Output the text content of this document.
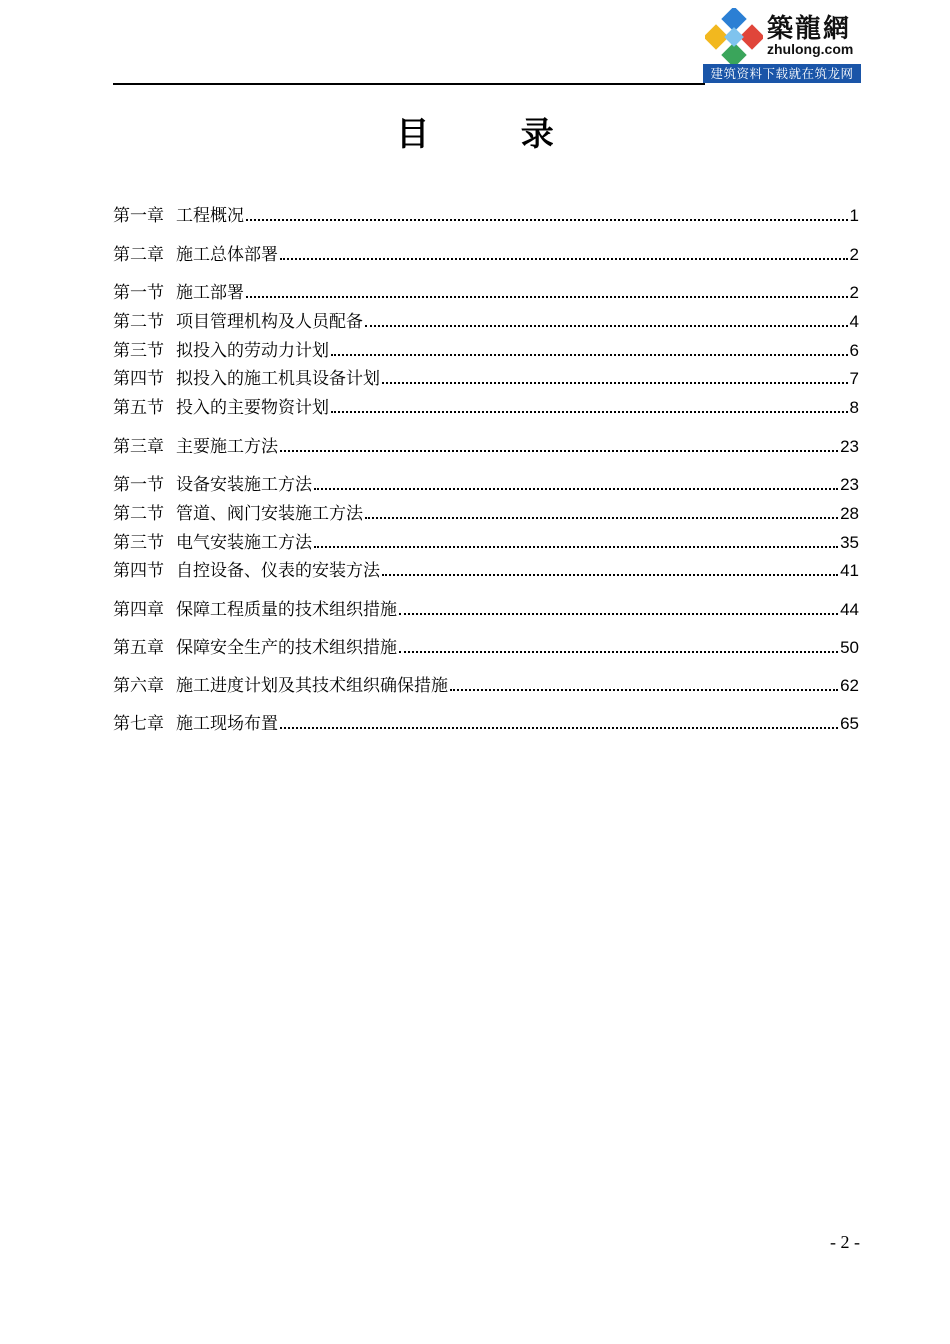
築龍網
zhulong.com
建筑资料下载就在筑龙网
目 录
第一章 工程概况	1
第二章 施工总体部署	2
第一节 施工部署	2
第二节 项目管理机构及人员配备	4
第三节 拟投入的劳动力计划	6
第四节 拟投入的施工机具设备计划	7
第五节 投入的主要物资计划	8
第三章 主要施工方法	23
第一节 设备安装施工方法	23
第二节 管道、阀门安装施工方法	28
第三节 电气安装施工方法	35
第四节 自控设备、仪表的安装方法	41
第四章 保障工程质量的技术组织措施	44
第五章 保障安全生产的技术组织措施	50
第六章 施工进度计划及其技术组织确保措施	62
第七章 施工现场布置	65
- 2 -
